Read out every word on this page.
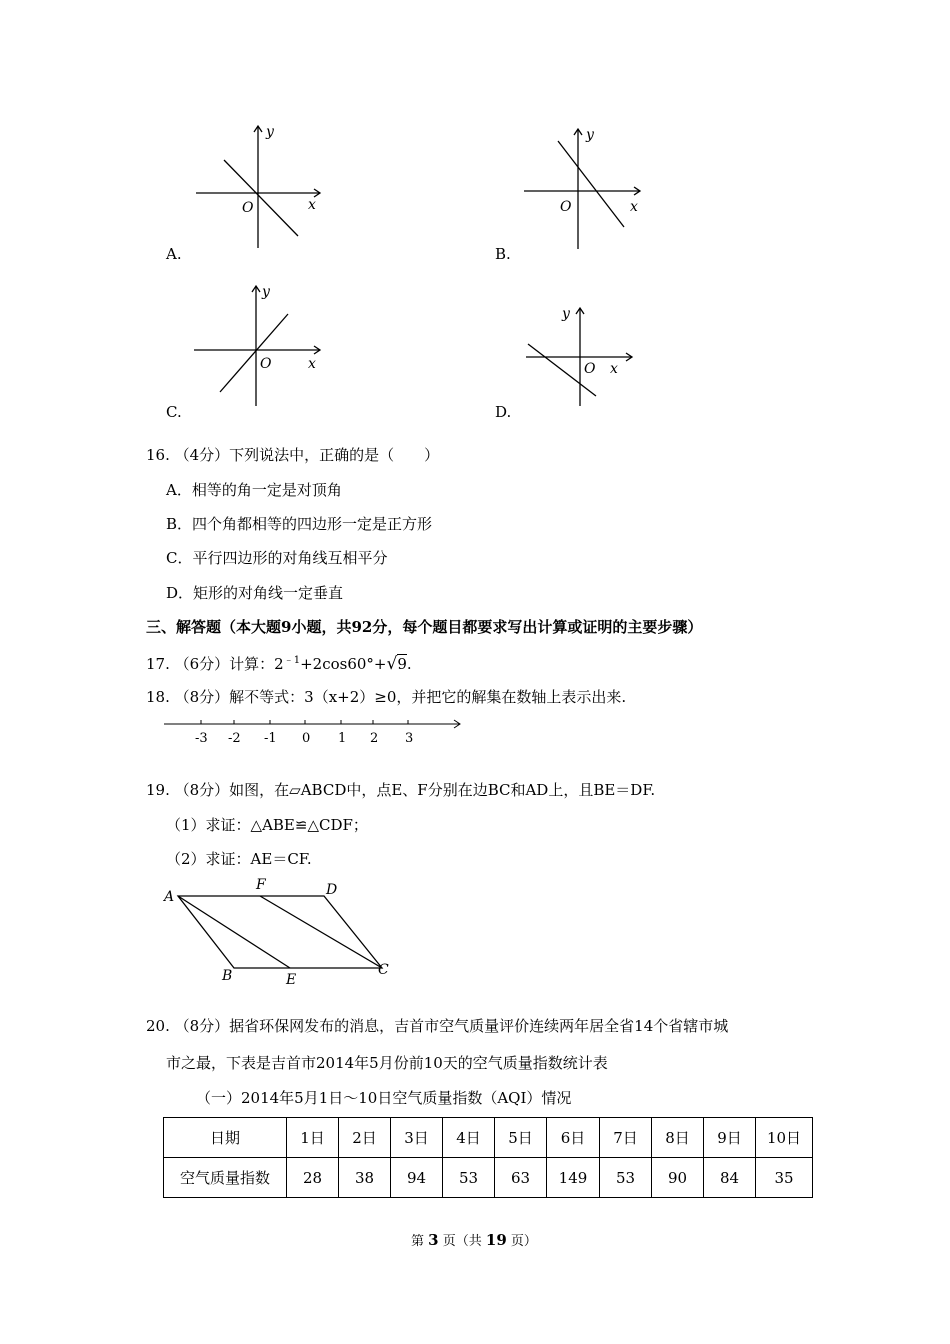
y
x
O
A.
y
x
O
B.
y
x
O
C.
y
x
O
D.
16. （4分）下列说法中，正确的是（　　）
A．相等的角一定是对顶角
B．四个角都相等的四边形一定是正方形
C．平行四边形的对角线互相平分
D．矩形的对角线一定垂直
三、解答题（本大题9小题，共92分，每个题目都要求写出计算或证明的主要步骤）
17. （6分）计算：$2^{﹣1}+2\cos 60^\circ+√9$.
18. （8分）解不等式：3（x+2）≥0，并把它的解集在数轴上表示出来.
-3 -2 -1 0 1 2 3
19. （8分）如图，在▱ABCD中，点E、F分别在边BC和AD上，且BE＝DF.
（1）求证：△ABE≌△CDF；
（2）求证：AE＝CF.
A
F	D
C
B	E
20. （8分）据省环保网发布的消息，吉首市空气质量评价连续两年居全省14个省辖市城
市之最，下表是吉首市2014年5月份前10天的空气质量指数统计表
（一）2014年5月1日～10日空气质量指数（AQI）情况
日期	1日	2日	3日	4日	5日	6日	7日	8日	9日	10日
空气质量指数	28	38	94	53	63	149	53	90	84	35
第 3 页（共 19 页）
